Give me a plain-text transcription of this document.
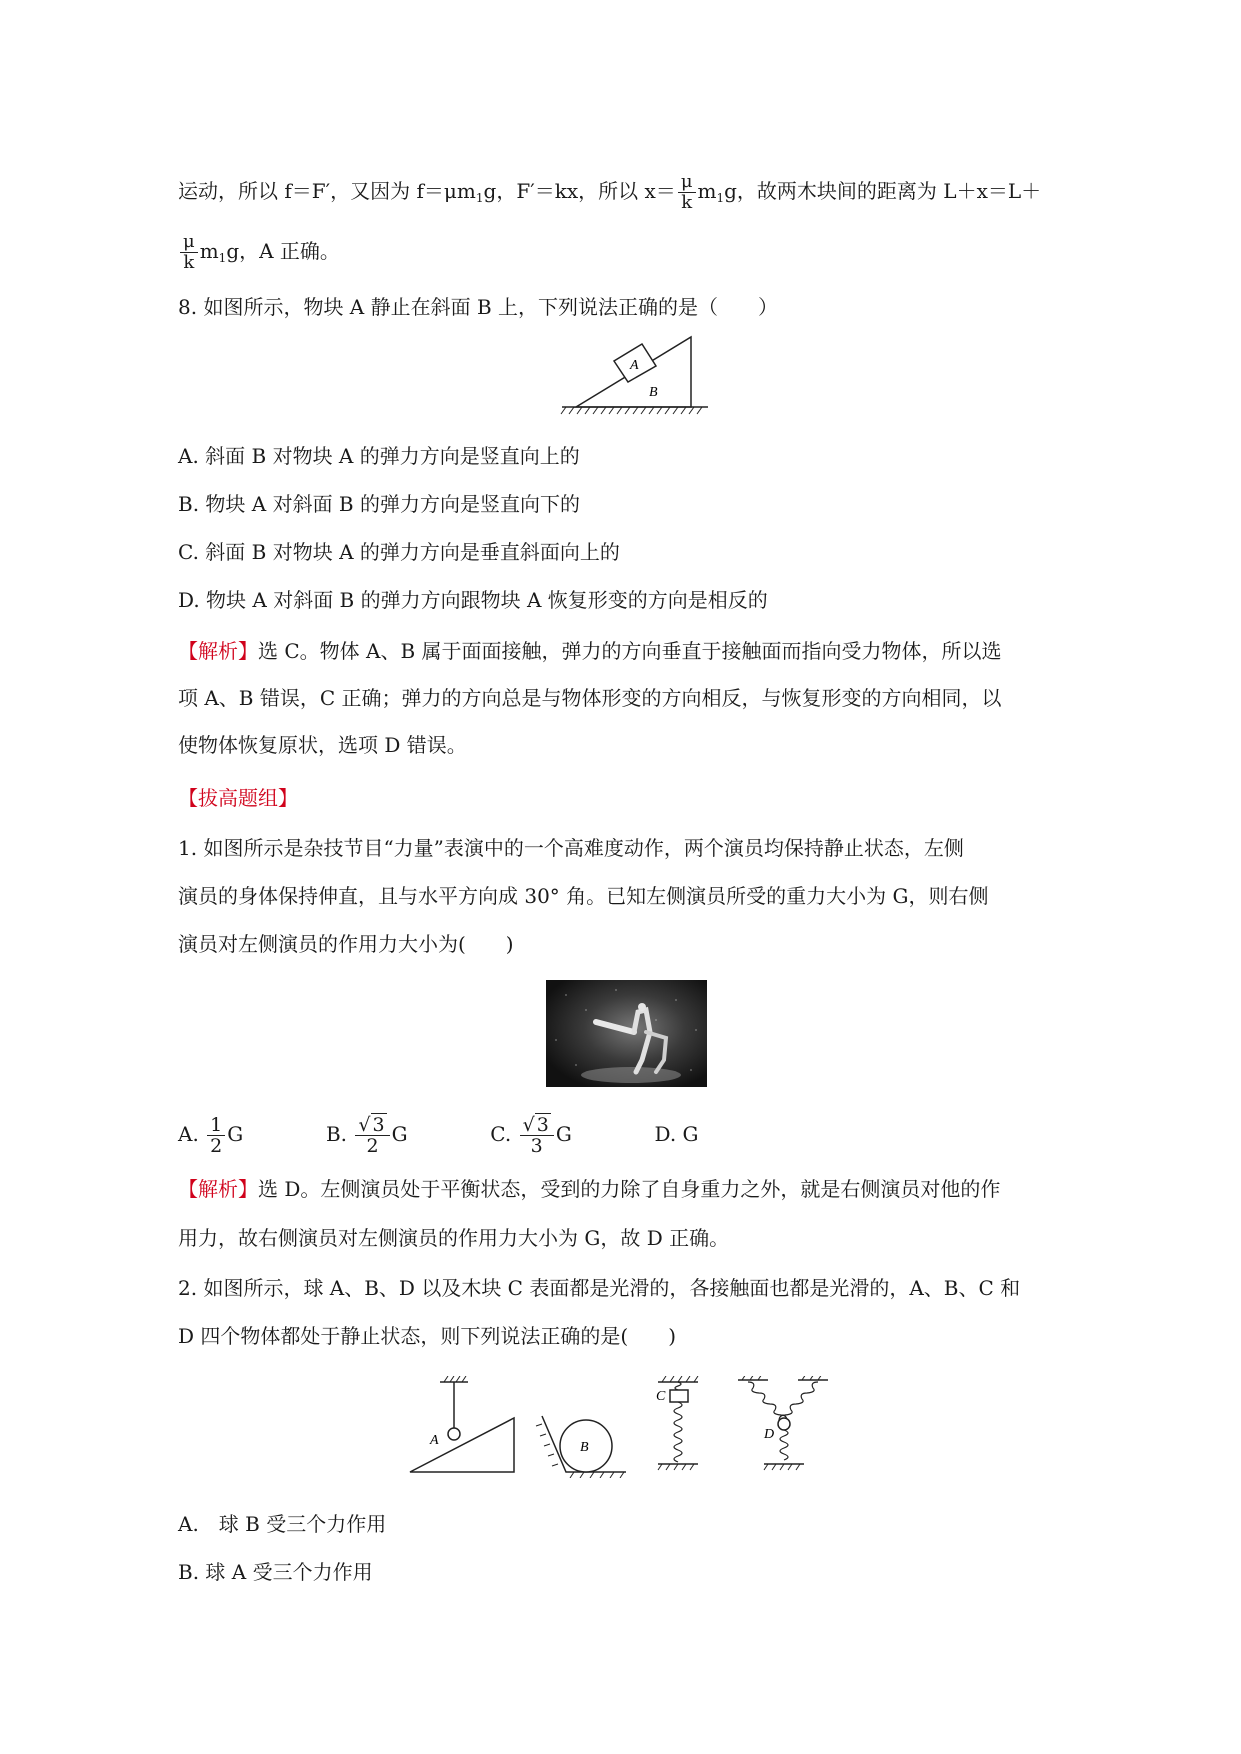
运动，所以 f＝F′，又因为 $f=\mu m_1g$，F′＝kx，所以 $x= \frac{\mu}{k} m_1g$，故两木块间的距离为 L＋x＝L＋
$\frac{\mu}{k} m_1g$，A 正确。
8. 如图所示，物块 A 静止在斜面 B 上，下列说法正确的是（　　）
A
B
A. 斜面 B 对物块 A 的弹力方向是竖直向上的
B. 物块 A 对斜面 B 的弹力方向是竖直向下的
C. 斜面 B 对物块 A 的弹力方向是垂直斜面向上的
D. 物块 A 对斜面 B 的弹力方向跟物块 A 恢复形变的方向是相反的
【解析】选 C。物体 A、B 属于面面接触，弹力的方向垂直于接触面而指向受力物体，所以选
项 A、B 错误，C 正确；弹力的方向总是与物体形变的方向相反，与恢复形变的方向相同，以
使物体恢复原状，选项 D 错误。
【拔高题组】
1. 如图所示是杂技节目“力量”表演中的一个高难度动作，两个演员均保持静止状态，左侧
演员的身体保持伸直，且与水平方向成 30° 角。已知左侧演员所受的重力大小为 G，则右侧
演员对左侧演员的作用力大小为(　　)
A. $\frac{1}{2}$ G	B. $\frac{√ 3}{2}$ G	C. $\frac{√ 3}{3}$ G	D. G
【解析】选 D。左侧演员处于平衡状态，受到的力除了自身重力之外，就是右侧演员对他的作
用力，故右侧演员对左侧演员的作用力大小为 G，故 D 正确。
2. 如图所示，球 A、B、D 以及木块 C 表面都是光滑的，各接触面也都是光滑的，A、B、C 和
D 四个物体都处于静止状态，则下列说法正确的是(　　)
A	B
C
D
A.　球 B 受三个力作用
B. 球 A 受三个力作用
